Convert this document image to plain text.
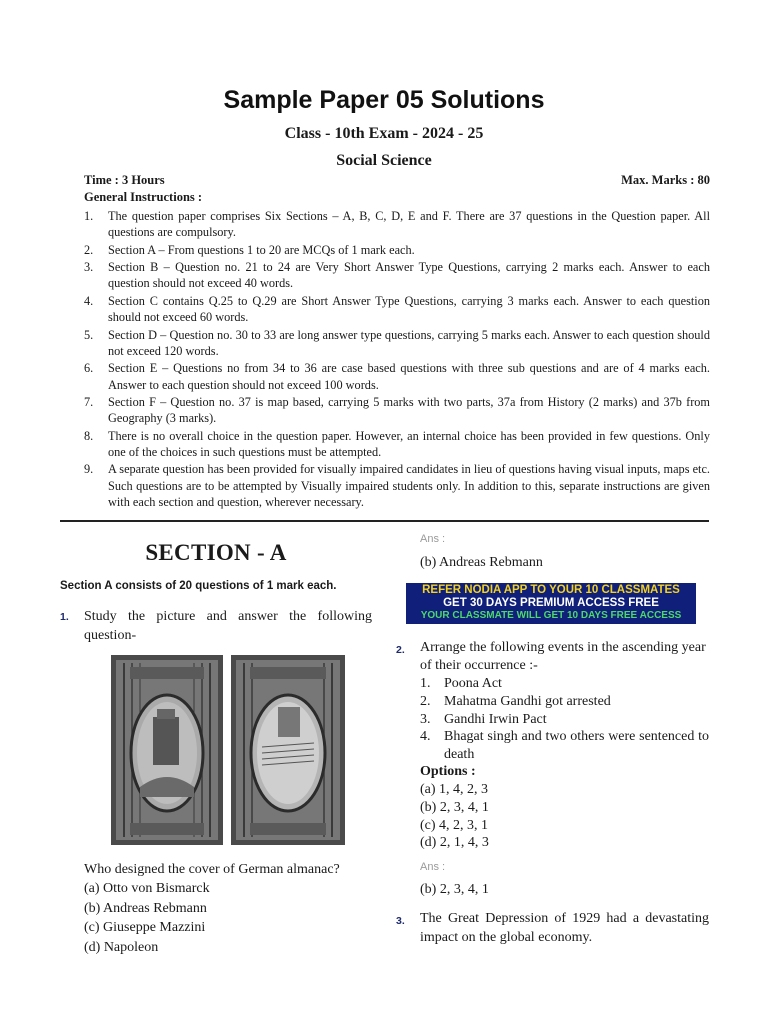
Sample Paper 05 Solutions
Class - 10th Exam - 2024 - 25
Social Science
Time : 3 Hours	Max. Marks : 80
General Instructions :
1. The question paper comprises Six Sections – A, B, C, D, E and F. There are 37 questions in the Question paper. All questions are compulsory.
2. Section A – From questions 1 to 20 are MCQs of 1 mark each.
3. Section B – Question no. 21 to 24 are Very Short Answer Type Questions, carrying 2 marks each. Answer to each question should not exceed 40 words.
4. Section C contains Q.25 to Q.29 are Short Answer Type Questions, carrying 3 marks each. Answer to each question should not exceed 60 words.
5. Section D – Question no. 30 to 33 are long answer type questions, carrying 5 marks each. Answer to each question should not exceed 120 words.
6. Section E – Questions no from 34 to 36 are case based questions with three sub questions and are of 4 marks each. Answer to each question should not exceed 100 words.
7. Section F – Question no. 37 is map based, carrying 5 marks with two parts, 37a from History (2 marks) and 37b from Geography (3 marks).
8. There is no overall choice in the question paper. However, an internal choice has been provided in few questions. Only one of the choices in such questions must be attempted.
9. A separate question has been provided for visually impaired candidates in lieu of questions having visual inputs, maps etc. Such questions are to be attempted by Visually impaired students only. In addition to this, separate instructions are given with each section and question, wherever necessary.
SECTION - A
Section A consists of 20 questions of 1 mark each.
1. Study the picture and answer the following question-
Who designed the cover of German almanac?
(a) Otto von Bismarck
(b) Andreas Rebmann
(c) Giuseppe Mazzini
(d) Napoleon
Ans :
(b) Andreas Rebmann
REFER NODIA APP TO YOUR 10 CLASSMATES
GET 30 DAYS PREMIUM ACCESS FREE
YOUR CLASSMATE WILL GET 10 DAYS FREE ACCESS
2. Arrange the following events in the ascending year of their occurrence :-
1. Poona Act
2. Mahatma Gandhi got arrested
3. Gandhi Irwin Pact
4. Bhagat singh and two others were sentenced to death
Options :
(a) 1, 4, 2, 3
(b) 2, 3, 4, 1
(c) 4, 2, 3, 1
(d) 2, 1, 4, 3
Ans :
(b) 2, 3, 4, 1
3. The Great Depression of 1929 had a devastating impact on the global economy.
